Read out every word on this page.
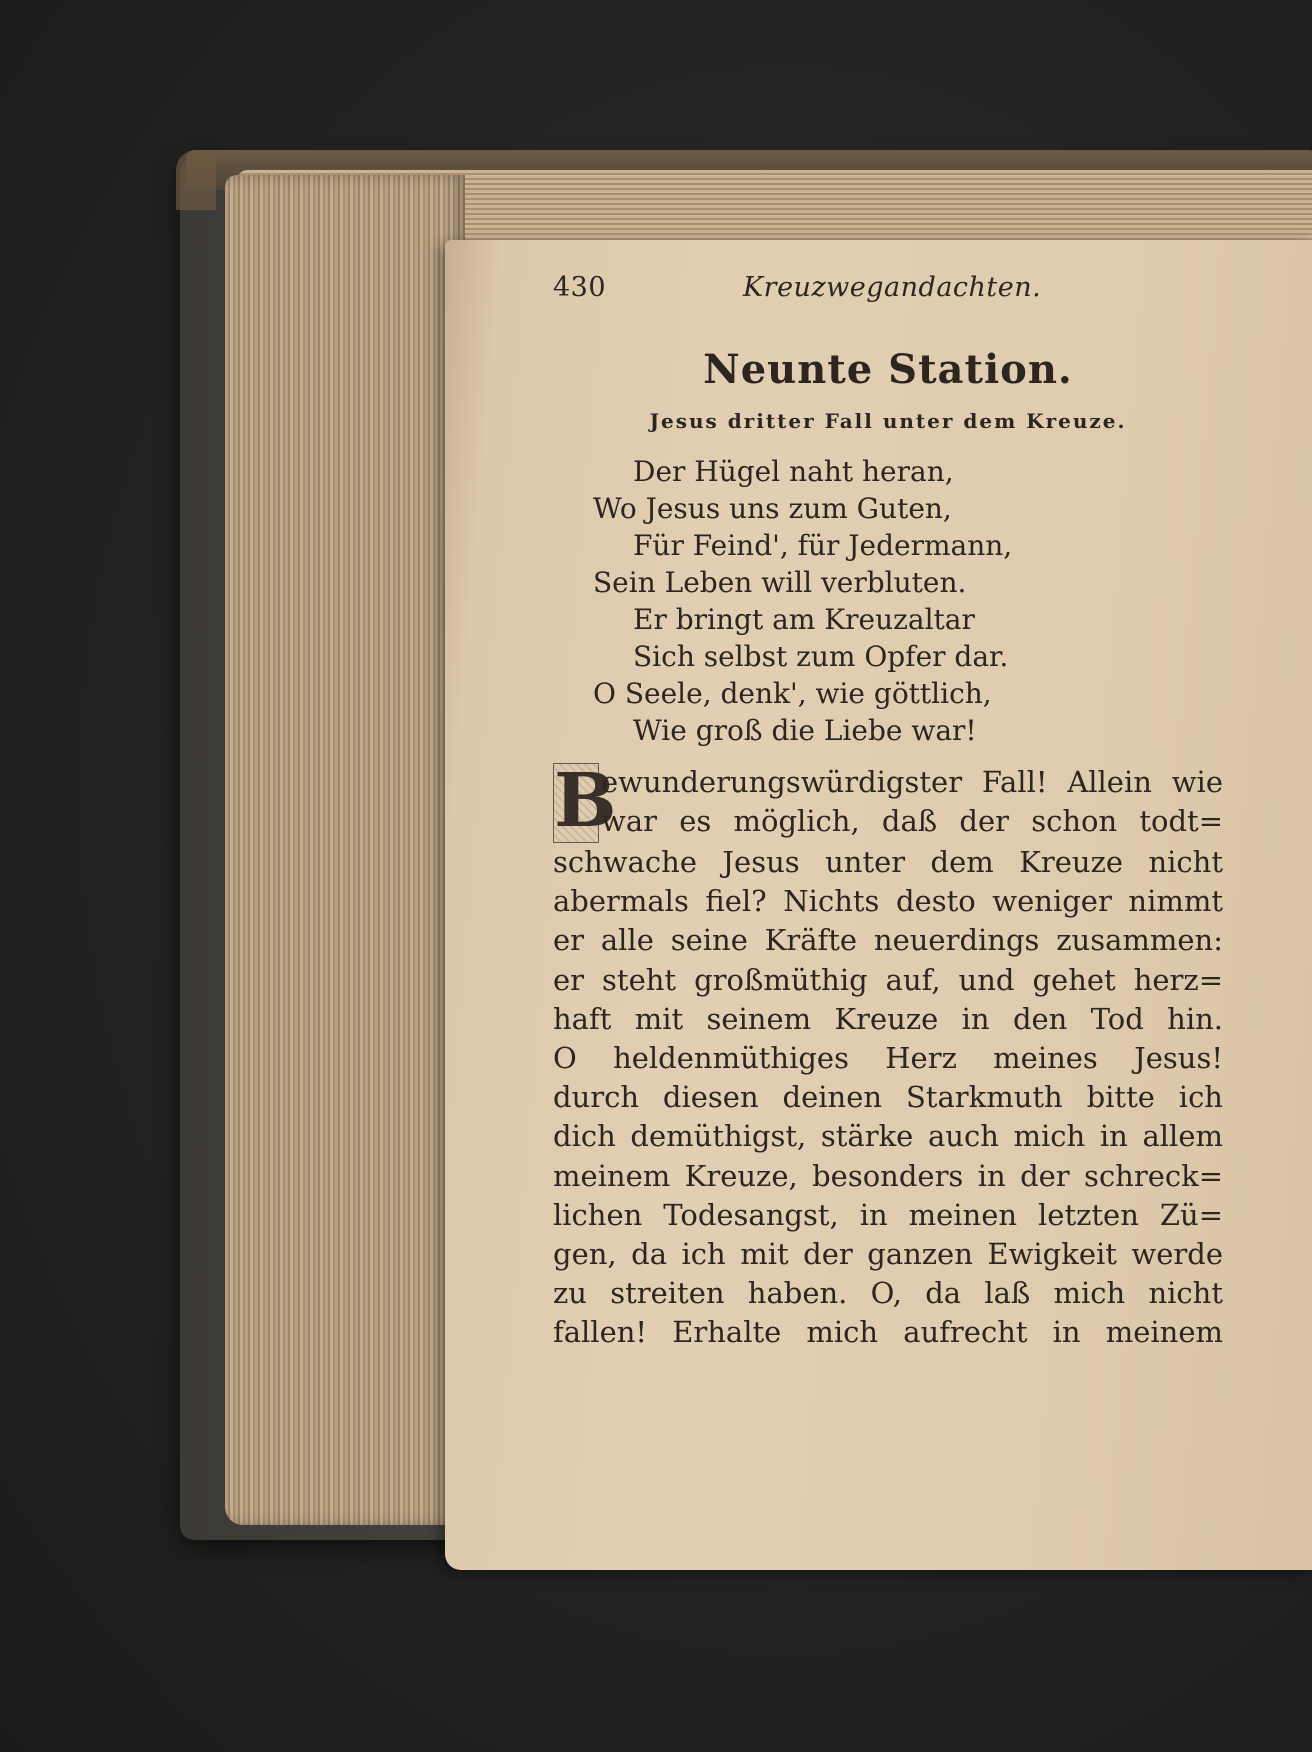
430	Kreuzwegandachten.
Neunte Station.
Jesus dritter Fall unter dem Kreuze.
Der Hügel naht heran,
Wo Jesus uns zum Guten,
Für Feind', für Jedermann,
Sein Leben will verbluten.
Er bringt am Kreuzaltar
Sich selbst zum Opfer dar.
O Seele, denk', wie göttlich,
Wie groß die Liebe war!
B
ewunderungswürdigster Fall! Allein wie
war es möglich, daß der schon todt=
schwache Jesus unter dem Kreuze nicht
abermals fiel? Nichts desto weniger nimmt
er alle seine Kräfte neuerdings zusammen:
er steht großmüthig auf, und gehet herz=
haft mit seinem Kreuze in den Tod hin.
O heldenmüthiges Herz meines Jesus!
durch diesen deinen Starkmuth bitte ich
dich demüthigst, stärke auch mich in allem
meinem Kreuze, besonders in der schreck=
lichen Todesangst, in meinen letzten Zü=
gen, da ich mit der ganzen Ewigkeit werde
zu streiten haben. O, da laß mich nicht
fallen! Erhalte mich aufrecht in meinem
